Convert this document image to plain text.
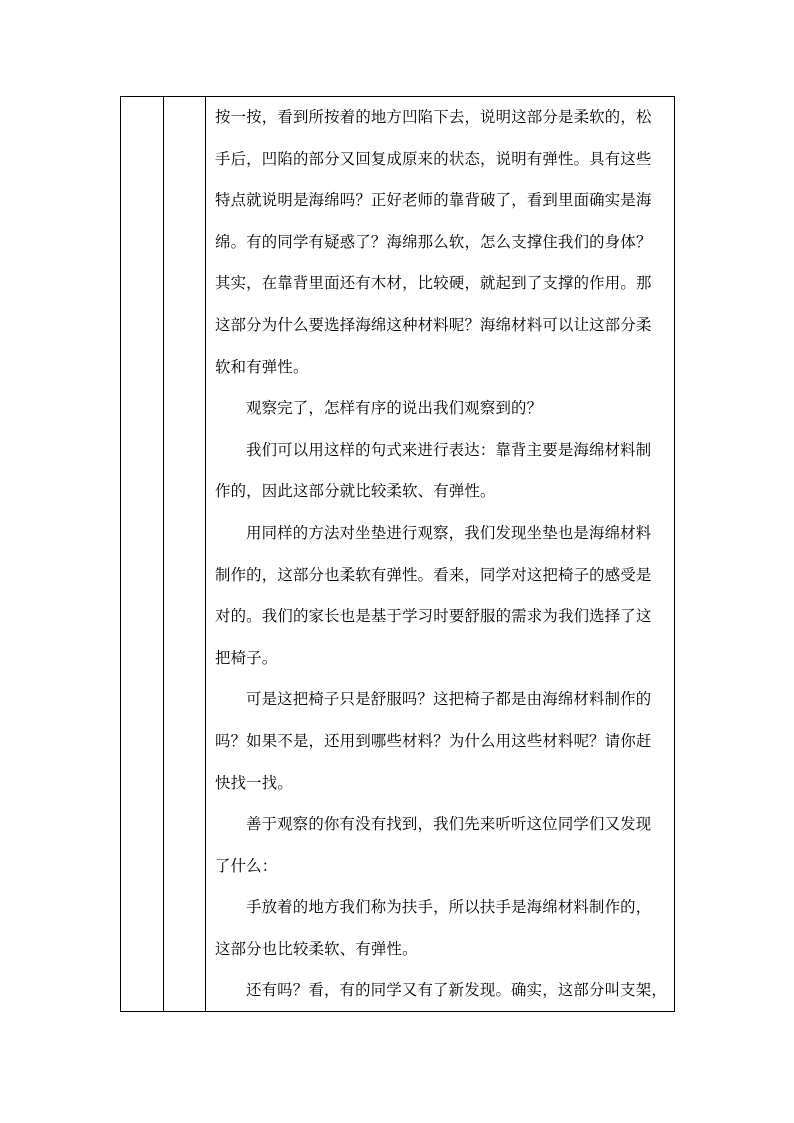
按一按，看到所按着的地方凹陷下去，说明这部分是柔软的，松
手后，凹陷的部分又回复成原来的状态，说明有弹性。具有这些
特点就说明是海绵吗？正好老师的靠背破了，看到里面确实是海
绵。有的同学有疑惑了？海绵那么软，怎么支撑住我们的身体？
其实，在靠背里面还有木材，比较硬，就起到了支撑的作用。那
这部分为什么要选择海绵这种材料呢？海绵材料可以让这部分柔
软和有弹性。
观察完了，怎样有序的说出我们观察到的？
我们可以用这样的句式来进行表达：靠背主要是海绵材料制
作的，因此这部分就比较柔软、有弹性。
用同样的方法对坐垫进行观察，我们发现坐垫也是海绵材料
制作的，这部分也柔软有弹性。看来，同学对这把椅子的感受是
对的。我们的家长也是基于学习时要舒服的需求为我们选择了这
把椅子。
可是这把椅子只是舒服吗？这把椅子都是由海绵材料制作的
吗？如果不是，还用到哪些材料？为什么用这些材料呢？请你赶
快找一找。
善于观察的你有没有找到，我们先来听听这位同学们又发现
了什么：
手放着的地方我们称为扶手，所以扶手是海绵材料制作的，
这部分也比较柔软、有弹性。
还有吗？看，有的同学又有了新发现。确实，这部分叫支架，
